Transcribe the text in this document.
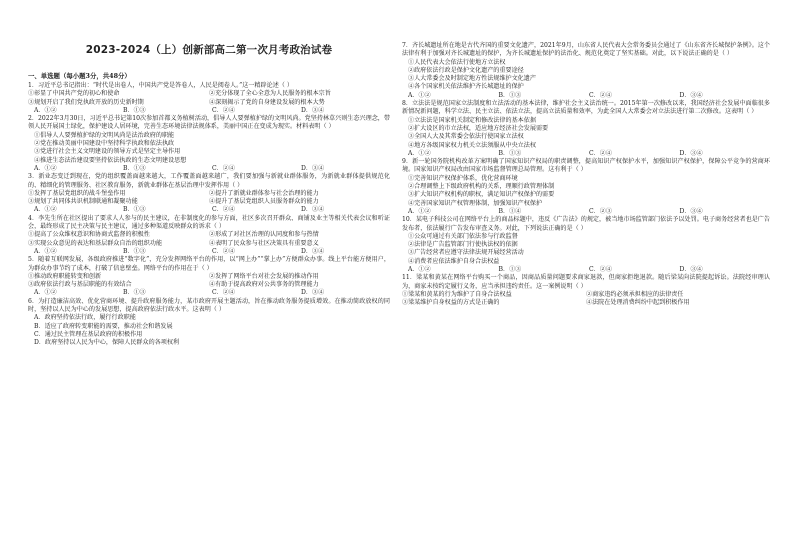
2023-2024（上）创新部高二第一次月考政治试卷
一、单选题（每小题3分，共48分）

1．习近平总书记指出：“时代是出卷人，中国共产党是答卷人，人民是阅卷人。”这一精辟论述（ ）

①彰显了中国共产党的初心和使命	②充分体现了全心全意为人民服务的根本宗旨
③规划开启了我们党执政开放的历史新时期	④深刻揭示了党的自身建设发展的根本大势
A．①②	B．①③	C．②④	D．③④

2．2022年3月30日，习近平总书记第10次参加首都义务植树活动，倡导人人要弹植护绿的文明风尚。党坚持林草兴则生态兴理念，带领人民开展国土绿化，保护建设人居环境，完善生态环境法律法规体系，美丽中国正在变成为现实。材料表明（ ）

①倡导人人要弹植护绿的文明风尚是法治政府的职能
②党在推动美丽中国建设中坚持科学执政和依法执政
③党进行社会主义文明建设的领导方式是坚定主导作用
④推进生态法治建设要坚持依法执政的生态文明建设思想
A．①②	B．①③	C．②④	D．③④

3．新业态变迁到现在，党的组织覆盖面越来越大，工作覆盖面越来越广，我们要加强与新就业群体服务，为新就业群体提供规范化的、精细化的管理服务、社区教育服务，新就业群体在基层治理中发挥作用（ ）

①发挥了基层党组织的战斗堡垒作用	②提升了新就业群体参与社会治理的能力
③规划了共同体共识机制联通和凝聚功能	④提升了基层党组织人员服务群众的能力
A．①②	B．①③	C．②④	D．③④

4．李先生所在社区提出了要求人人参与的民主建议，在非制度化的参与方面，社区多次召开群众、商铺及业主等相关代表会议和听证会，最终形成了民主决策与民主建议，通过多种渠道反映群众的诉求（ ）

①提高了公众维权意识和协商式监督的积极性	②形成了对社区治理的认同度和参与热情
③实现公众意见的表达和基层群众自治的组织功能	④表明了民众参与社区决策具有重要意义
A．①②	B．①③	C．②④	D．③④

5．随着互联网发展，各级政府推进“数字化”，充分发挥网络平台的作用，以“网上办”“掌上办”方便群众办事。线上平台能方便用户，为群众办事节约了成本，打破了信息壁垒。网络平台的作用在于（ ）

①推动政府职能转变和创新	②发挥了网络平台对社会发展的推动作用
③政府依法行政与基层职能的有效结合	④有助于提高政府对公共事务的管理能力
A．①②	B．①③	C．②④	D．③④

6．为打造廉洁高效、优化营商环境、提升政府服务能力，某市政府开展主题活动，旨在推动政务服务提质增效。在推动简政放权的同时，坚持以人民为中心的发展思想，提高政府依法行政水平。这表明（ ）

A．政府坚持依法行政，履行行政职能
B．适应了政府转变职能的需要，推动社会和谐发展
C．通过民主管理在基层政府的积极作用
D．政府坚持以人民为中心，保障人民群众的各项权利

7．齐长城遗址所在地是古代齐国的重要文化遗产，2021年9月，山东省人民代表大会常务委员会通过了《山东省齐长城保护条例》。这个法律有利于加强对齐长城遗址的保护，为齐长城遗址保护的法治化、规范化奠定了坚实基础。对此，以下说法正确的是（ ）

①人民代表大会依法行使地方立法权
②政府依法行政是保护文化遗产的重要途径
③人大常委会及时制定地方性法规维护文化遗产
④各个国家机关依法维护齐长城遗址的保护
A．①②	B．①③	C．②④	D．③④

8．立法法是规范国家立法制度和立法活动的基本法律，维护社会主义法治统一。2015年第一次修改以来，我国经济社会发展中面临很多新情况新问题，科学立法、民主立法、依法立法，提高立法质量和效率，为此全国人大常委会对立法法进行第二次修改。这表明（ ）

①立法法是国家机关制定和修改法律的基本依据
②扩大设区的市立法权，适应地方经济社会发展需要
③全国人大及其常委会依法行使国家立法权
④地方各级国家权力机关立法须服从中央立法权
A．①②	B．①③	C．②④	D．③④

9．新一轮国务院机构改革方案明确了国家知识产权局的职责调整，提高知识产权保护水平，加强知识产权保护，保障公平竞争的营商环境。国家知识产权局改由国家市场监督管理总局管理。这有利于（ ）

①完善知识产权保护体系，优化营商环境
②合理调整上下级政府机构的关系，理顺行政管理体制
③扩大知识产权机构的职权，满足知识产权保护的需要
④完善国家知识产权管理体制，加强知识产权保护
A．①②	B．①④	C．②③	D．③④

10．某电子科技公司在网络平台上的商品标题中，违反《广告法》的规定，被当地市场监管部门依法予以处罚。电子商务经营者也是广告发布者，依法履行广告发布审查义务。对此，下列说法正确的是（ ）

①公众可通过有关部门依法参与行政监督
②法律是广告监管部门行使执法权的依据
③广告经营者应遵守法律法规开展经营活动
④消费者应依法维护自身合法权益
A．①②	B．①③	C．②④	D．③④

11．梁某和黄某在网络平台购买一个商品，因商品质量问题要求商家退款，但商家拒绝退款。随后梁某向法院提起诉讼。法院经审理认为，商家未按约定履行义务，应当承担违约责任。这一案例说明（ ）

①梁某和黄某的行为维护了自身合法权益	②商家违约必须承担相应的法律责任
③梁某维护自身权益的方式是正确的	④法院在处理消费纠纷中起到积极作用
